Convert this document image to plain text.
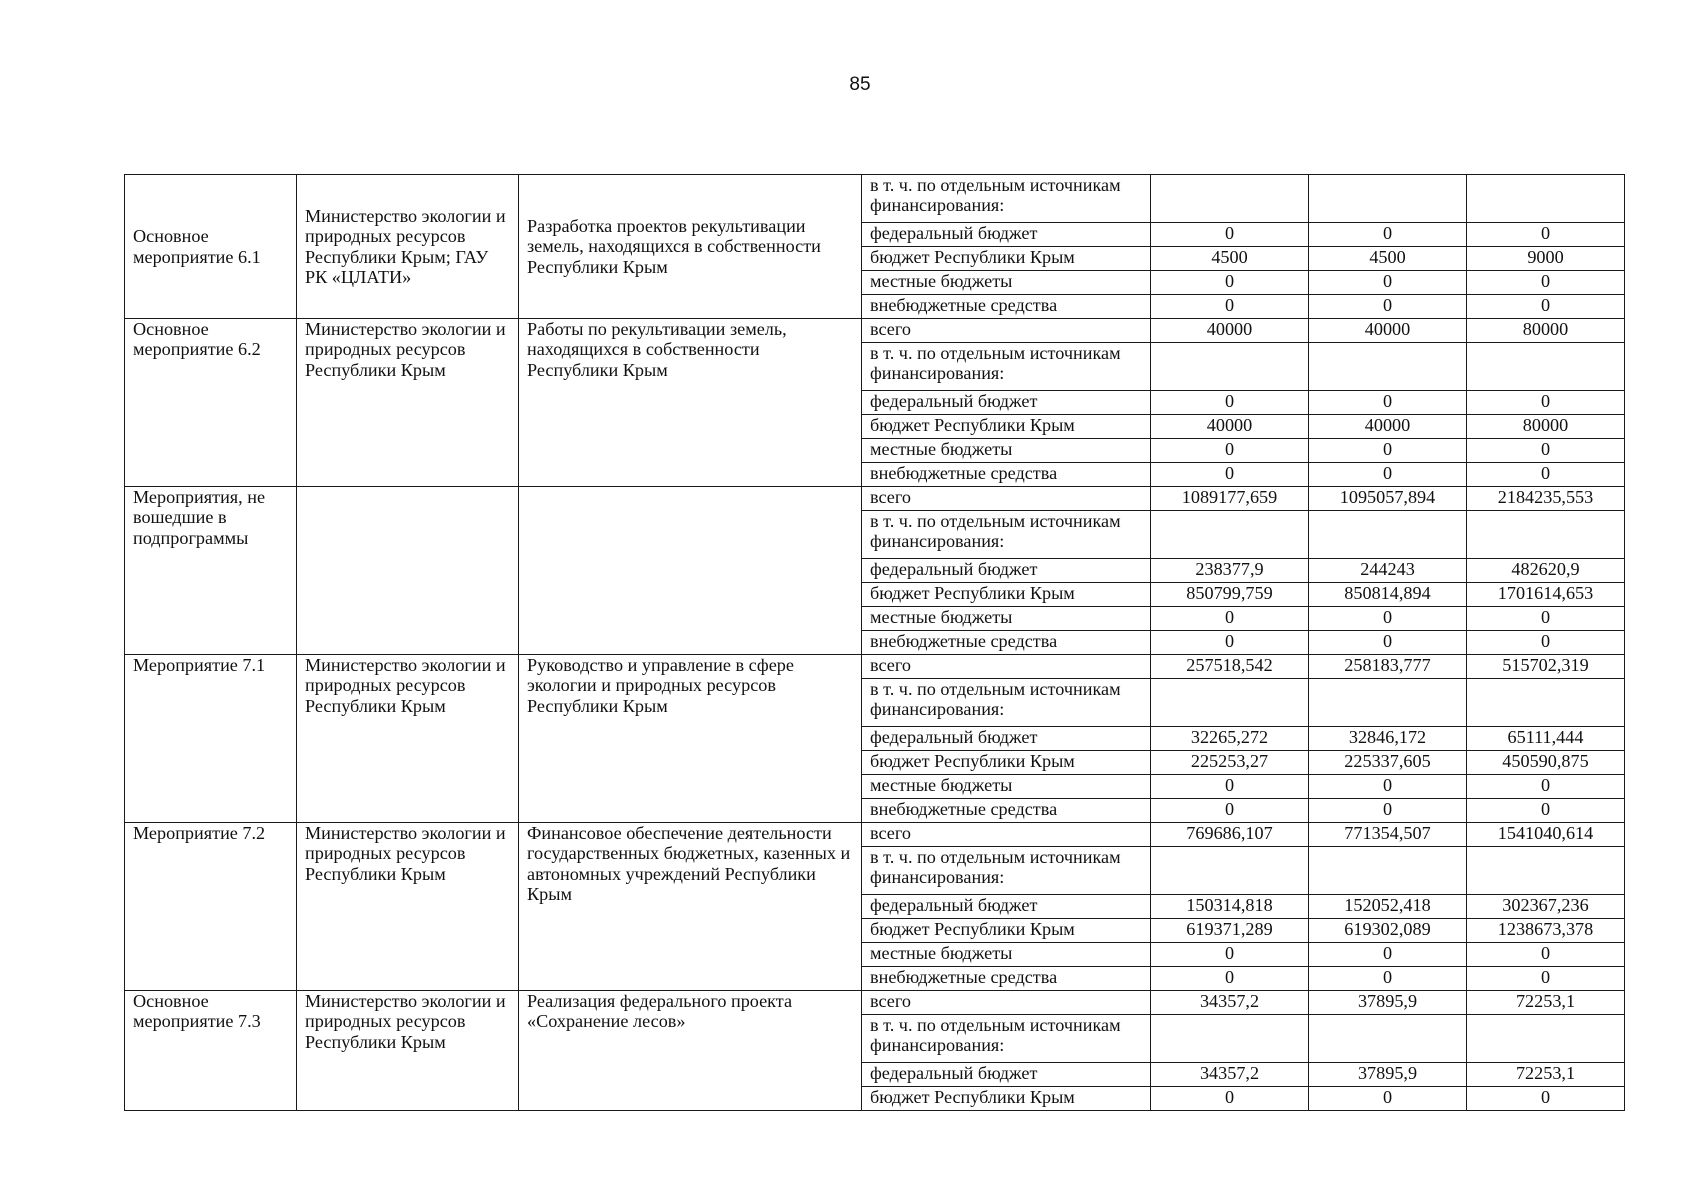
85
Основное мероприятие 6.1	Министерство экологии и природных ресурсов Республики Крым; ГАУ РК «ЦЛАТИ»	Разработка проектов рекультивации земель, находящихся в собственности Республики Крым	в т. ч. по отдельным источникам финансирования:			
			федеральный бюджет	0	0	0
			бюджет Республики Крым	4500	4500	9000
			местные бюджеты	0	0	0
			внебюджетные средства	0	0	0
Основное мероприятие 6.2	Министерство экологии и природных ресурсов Республики Крым	Работы по рекультивации земель, находящихся в собственности Республики Крым	всего	40000	40000	80000
			в т. ч. по отдельным источникам финансирования:			
			федеральный бюджет	0	0	0
			бюджет Республики Крым	40000	40000	80000
			местные бюджеты	0	0	0
			внебюджетные средства	0	0	0
Мероприятия, не вошедшие в подпрограммы			всего	1089177,659	1095057,894	2184235,553
			в т. ч. по отдельным источникам финансирования:			
			федеральный бюджет	238377,9	244243	482620,9
			бюджет Республики Крым	850799,759	850814,894	1701614,653
			местные бюджеты	0	0	0
			внебюджетные средства	0	0	0
Мероприятие 7.1	Министерство экологии и природных ресурсов Республики Крым	Руководство и управление в сфере экологии и природных ресурсов Республики Крым	всего	257518,542	258183,777	515702,319
			в т. ч. по отдельным источникам финансирования:			
			федеральный бюджет	32265,272	32846,172	65111,444
			бюджет Республики Крым	225253,27	225337,605	450590,875
			местные бюджеты	0	0	0
			внебюджетные средства	0	0	0
Мероприятие 7.2	Министерство экологии и природных ресурсов Республики Крым	Финансовое обеспечение деятельности государственных бюджетных, казенных и автономных учреждений Республики Крым	всего	769686,107	771354,507	1541040,614
			в т. ч. по отдельным источникам финансирования:			
			федеральный бюджет	150314,818	152052,418	302367,236
			бюджет Республики Крым	619371,289	619302,089	1238673,378
			местные бюджеты	0	0	0
			внебюджетные средства	0	0	0
Основное мероприятие 7.3	Министерство экологии и природных ресурсов Республики Крым	Реализация федерального проекта «Сохранение лесов»	всего	34357,2	37895,9	72253,1
			в т. ч. по отдельным источникам финансирования:			
			федеральный бюджет	34357,2	37895,9	72253,1
			бюджет Республики Крым	0	0	0
